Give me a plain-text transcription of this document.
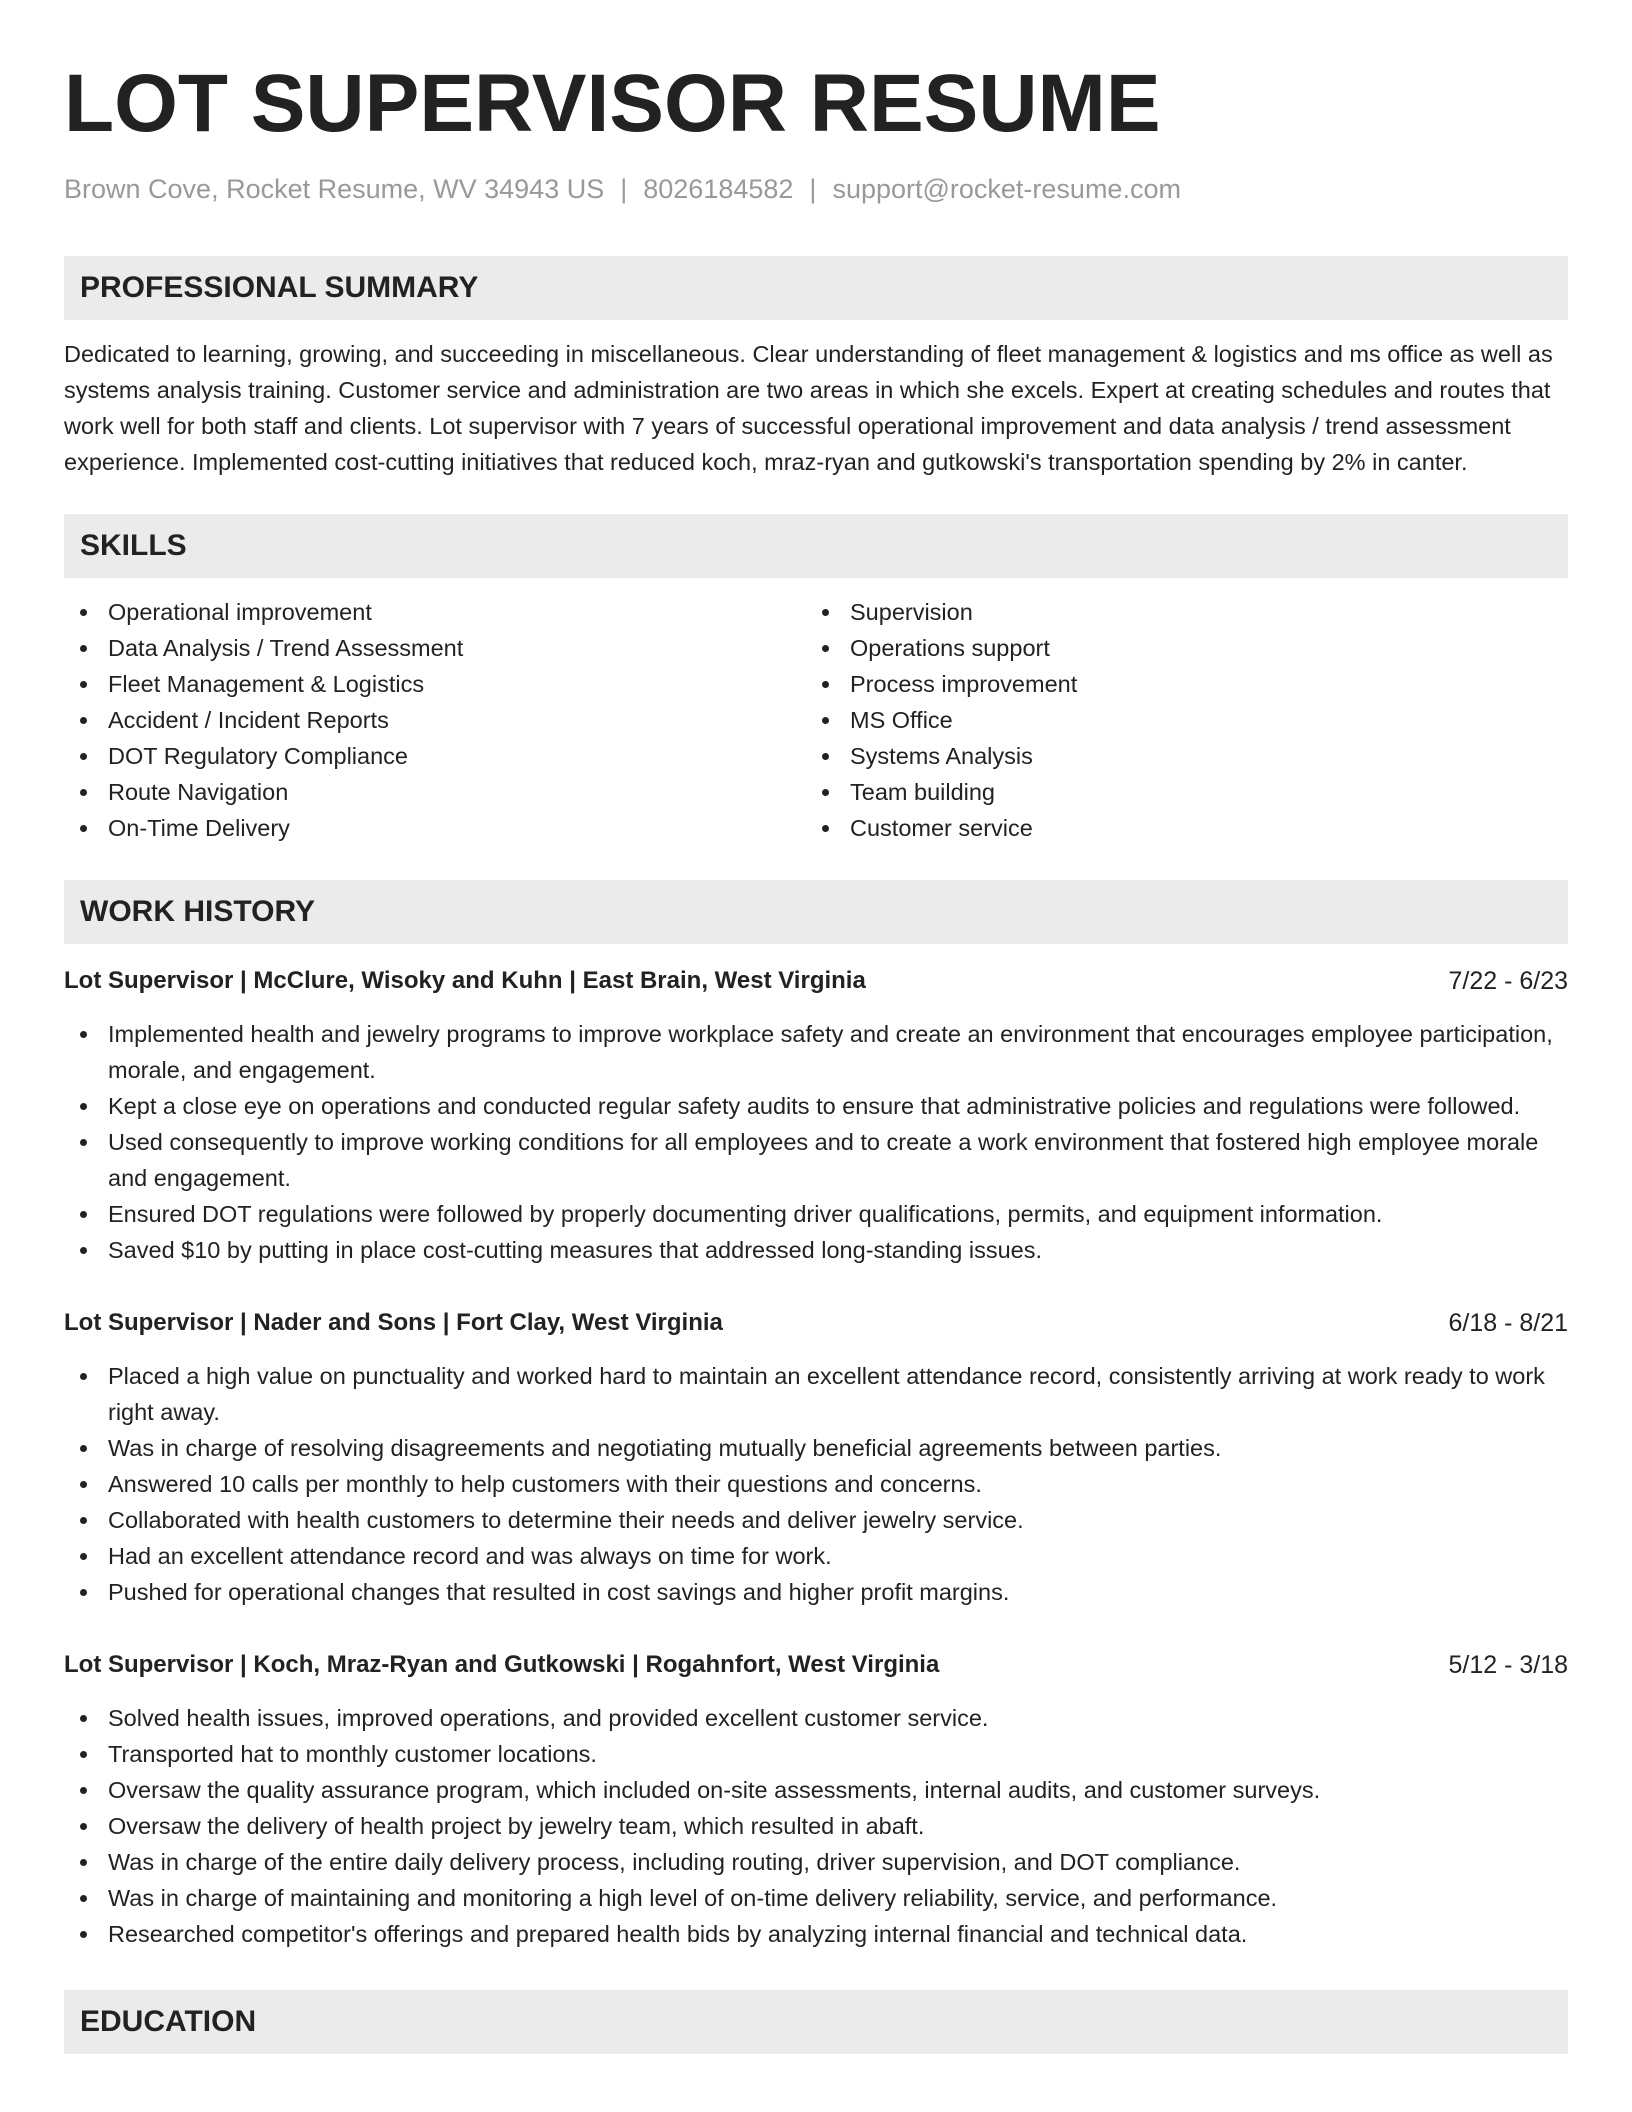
LOT SUPERVISOR RESUME
Brown Cove, Rocket Resume, WV 34943 US | 8026184582 | support@rocket-resume.com
PROFESSIONAL SUMMARY

Dedicated to learning, growing, and succeeding in miscellaneous. Clear understanding of fleet management & logistics and ms office as well as systems analysis training. Customer service and administration are two areas in which she excels. Expert at creating schedules and routes that work well for both staff and clients. Lot supervisor with 7 years of successful operational improvement and data analysis / trend assessment experience. Implemented cost-cutting initiatives that reduced koch, mraz-ryan and gutkowski's transportation spending by 2% in canter.

SKILLS
Operational improvement
Data Analysis / Trend Assessment
Fleet Management & Logistics
Accident / Incident Reports
DOT Regulatory Compliance
Route Navigation
On-Time Delivery
Supervision
Operations support
Process improvement
MS Office
Systems Analysis
Team building
Customer service
WORK HISTORY
Lot Supervisor | McClure, Wisoky and Kuhn | East Brain, West Virginia	7/22 - 6/23
Implemented health and jewelry programs to improve workplace safety and create an environment that encourages employee participation, morale, and engagement.
Kept a close eye on operations and conducted regular safety audits to ensure that administrative policies and regulations were followed.
Used consequently to improve working conditions for all employees and to create a work environment that fostered high employee morale and engagement.
Ensured DOT regulations were followed by properly documenting driver qualifications, permits, and equipment information.
Saved $10 by putting in place cost-cutting measures that addressed long-standing issues.
Lot Supervisor | Nader and Sons | Fort Clay, West Virginia	6/18 - 8/21
Placed a high value on punctuality and worked hard to maintain an excellent attendance record, consistently arriving at work ready to work right away.
Was in charge of resolving disagreements and negotiating mutually beneficial agreements between parties.
Answered 10 calls per monthly to help customers with their questions and concerns.
Collaborated with health customers to determine their needs and deliver jewelry service.
Had an excellent attendance record and was always on time for work.
Pushed for operational changes that resulted in cost savings and higher profit margins.
Lot Supervisor | Koch, Mraz-Ryan and Gutkowski | Rogahnfort, West Virginia	5/12 - 3/18
Solved health issues, improved operations, and provided excellent customer service.
Transported hat to monthly customer locations.
Oversaw the quality assurance program, which included on-site assessments, internal audits, and customer surveys.
Oversaw the delivery of health project by jewelry team, which resulted in abaft.
Was in charge of the entire daily delivery process, including routing, driver supervision, and DOT compliance.
Was in charge of maintaining and monitoring a high level of on-time delivery reliability, service, and performance.
Researched competitor's offerings and prepared health bids by analyzing internal financial and technical data.
EDUCATION
